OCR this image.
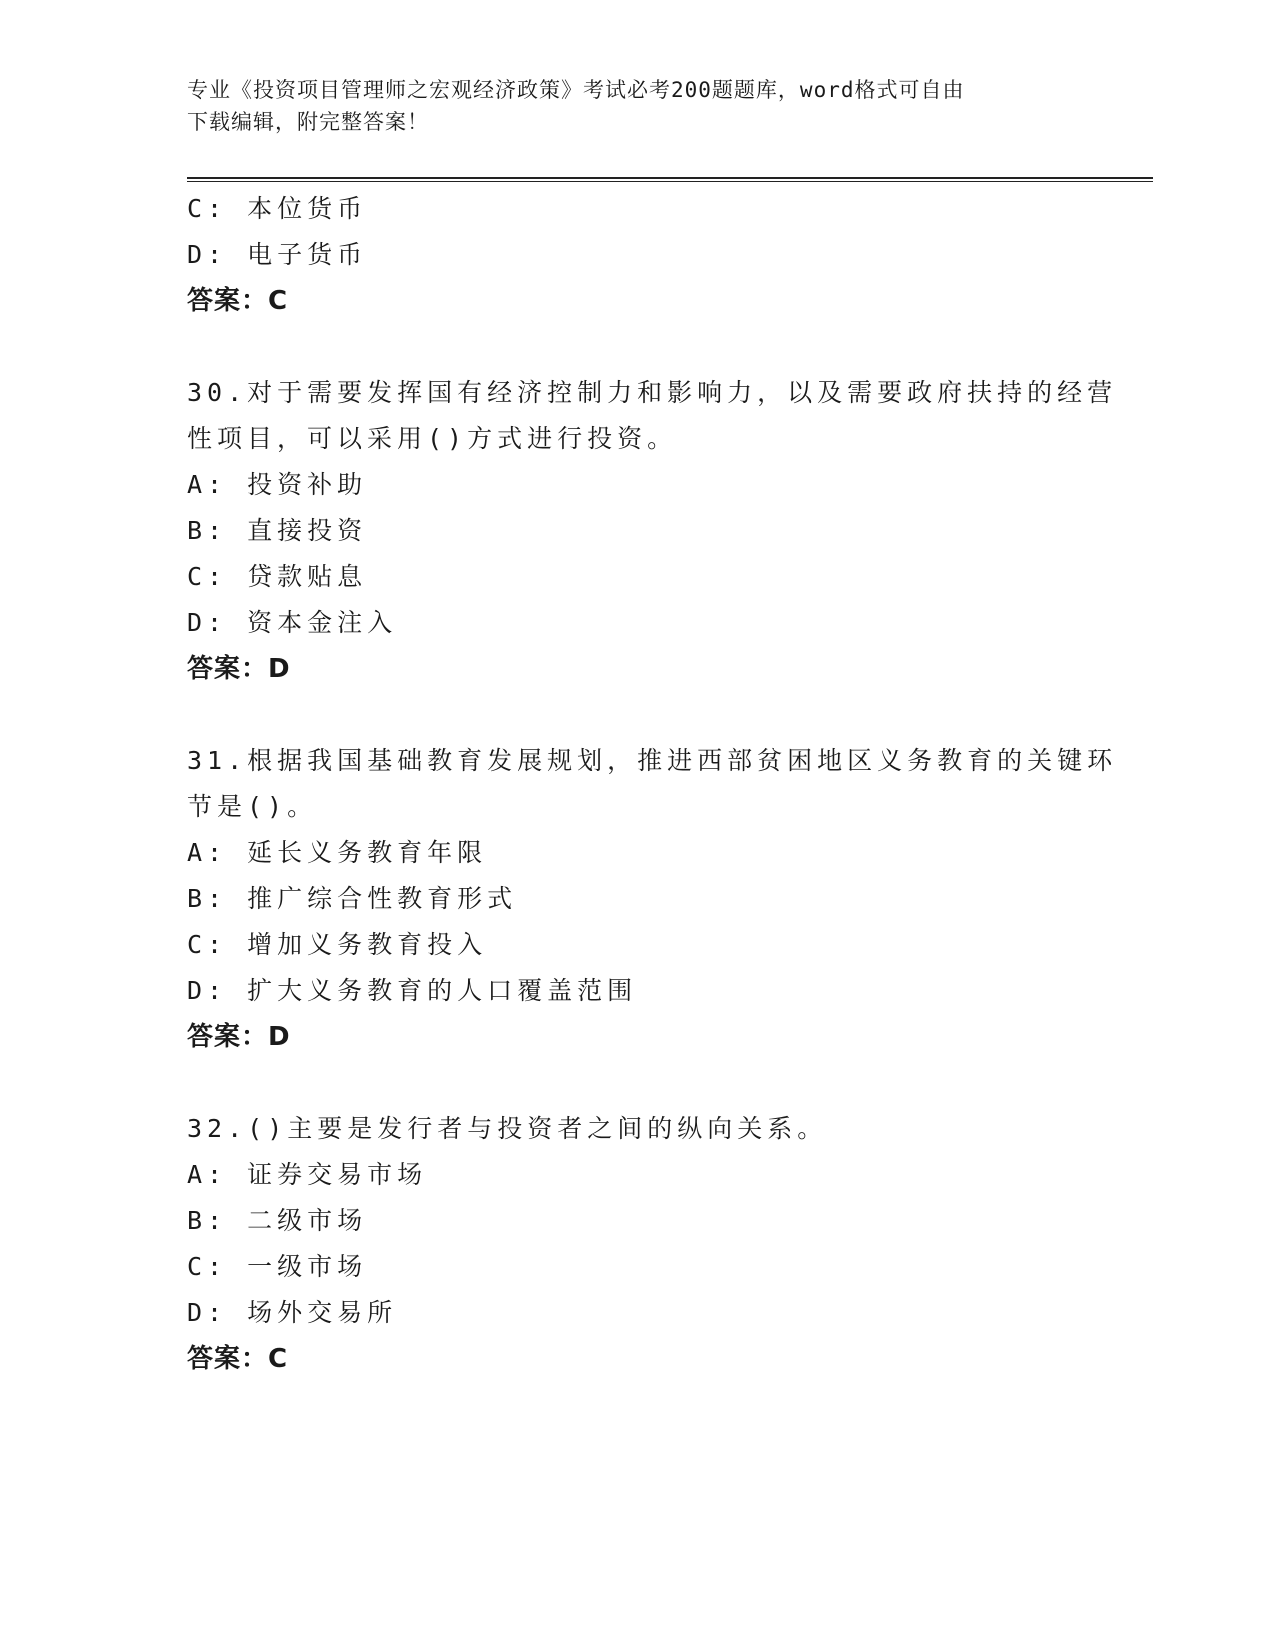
专业《投资项目管理师之宏观经济政策》考试必考200题题库，word格式可自由
下载编辑，附完整答案！
C: 本位货币
D: 电子货币
答案：C
30.对于需要发挥国有经济控制力和影响力，以及需要政府扶持的经营
性项目，可以采用()方式进行投资。
A: 投资补助
B: 直接投资
C: 贷款贴息
D: 资本金注入
答案：D
31.根据我国基础教育发展规划，推进西部贫困地区义务教育的关键环
节是()。
A: 延长义务教育年限
B: 推广综合性教育形式
C: 增加义务教育投入
D: 扩大义务教育的人口覆盖范围
答案：D
32.()主要是发行者与投资者之间的纵向关系。
A: 证券交易市场
B: 二级市场
C: 一级市场
D: 场外交易所
答案：C
